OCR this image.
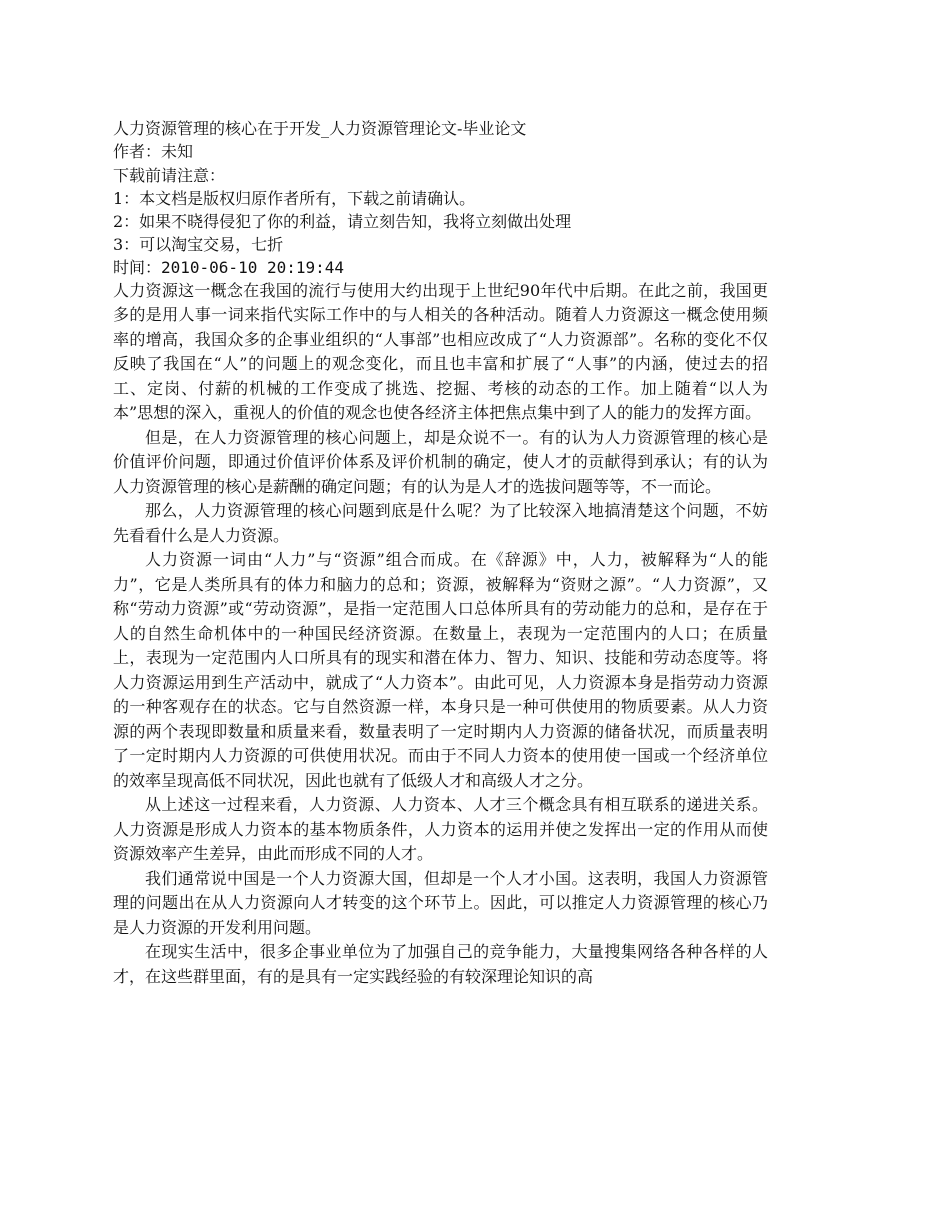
人力资源管理的核心在于开发_人力资源管理论文-毕业论文
作者：未知
下载前请注意：
1：本文档是版权归原作者所有，下载之前请确认。
2：如果不晓得侵犯了你的利益，请立刻告知，我将立刻做出处理
3：可以淘宝交易，七折
时间：2010-06-10 20:19:44

人力资源这一概念在我国的流行与使用大约出现于上世纪90年代中后期。在此之前，我国更多的是用人事一词来指代实际工作中的与人相关的各种活动。随着人力资源这一概念使用频率的增高，我国众多的企事业组织的“人事部”也相应改成了“人力资源部”。名称的变化不仅反映了我国在“人”的问题上的观念变化，而且也丰富和扩展了“人事”的内涵，使过去的招工、定岗、付薪的机械的工作变成了挑选、挖掘、考核的动态的工作。加上随着“以人为本”思想的深入，重视人的价值的观念也使各经济主体把焦点集中到了人的能力的发挥方面。

但是，在人力资源管理的核心问题上，却是众说不一。有的认为人力资源管理的核心是价值评价问题，即通过价值评价体系及评价机制的确定，使人才的贡献得到承认；有的认为人力资源管理的核心是薪酬的确定问题；有的认为是人才的选拔问题等等，不一而论。

那么，人力资源管理的核心问题到底是什么呢？为了比较深入地搞清楚这个问题，不妨先看看什么是人力资源。

人力资源一词由“人力”与“资源”组合而成。在《辞源》中，人力，被解释为“人的能力”，它是人类所具有的体力和脑力的总和；资源，被解释为“资财之源”。“人力资源”，又称“劳动力资源”或“劳动资源”，是指一定范围人口总体所具有的劳动能力的总和，是存在于人的自然生命机体中的一种国民经济资源。在数量上，表现为一定范围内的人口；在质量上，表现为一定范围内人口所具有的现实和潜在体力、智力、知识、技能和劳动态度等。将人力资源运用到生产活动中，就成了“人力资本”。由此可见，人力资源本身是指劳动力资源的一种客观存在的状态。它与自然资源一样，本身只是一种可供使用的物质要素。从人力资源的两个表现即数量和质量来看，数量表明了一定时期内人力资源的储备状况，而质量表明了一定时期内人力资源的可供使用状况。而由于不同人力资本的使用使一国或一个经济单位的效率呈现高低不同状况，因此也就有了低级人才和高级人才之分。

从上述这一过程来看，人力资源、人力资本、人才三个概念具有相互联系的递进关系。人力资源是形成人力资本的基本物质条件，人力资本的运用并使之发挥出一定的作用从而使资源效率产生差异，由此而形成不同的人才。

我们通常说中国是一个人力资源大国，但却是一个人才小国。这表明，我国人力资源管理的问题出在从人力资源向人才转变的这个环节上。因此，可以推定人力资源管理的核心乃是人力资源的开发利用问题。

在现实生活中，很多企事业单位为了加强自己的竞争能力，大量搜集网络各种各样的人才，在这些群里面，有的是具有一定实践经验的有较深理论知识的高
